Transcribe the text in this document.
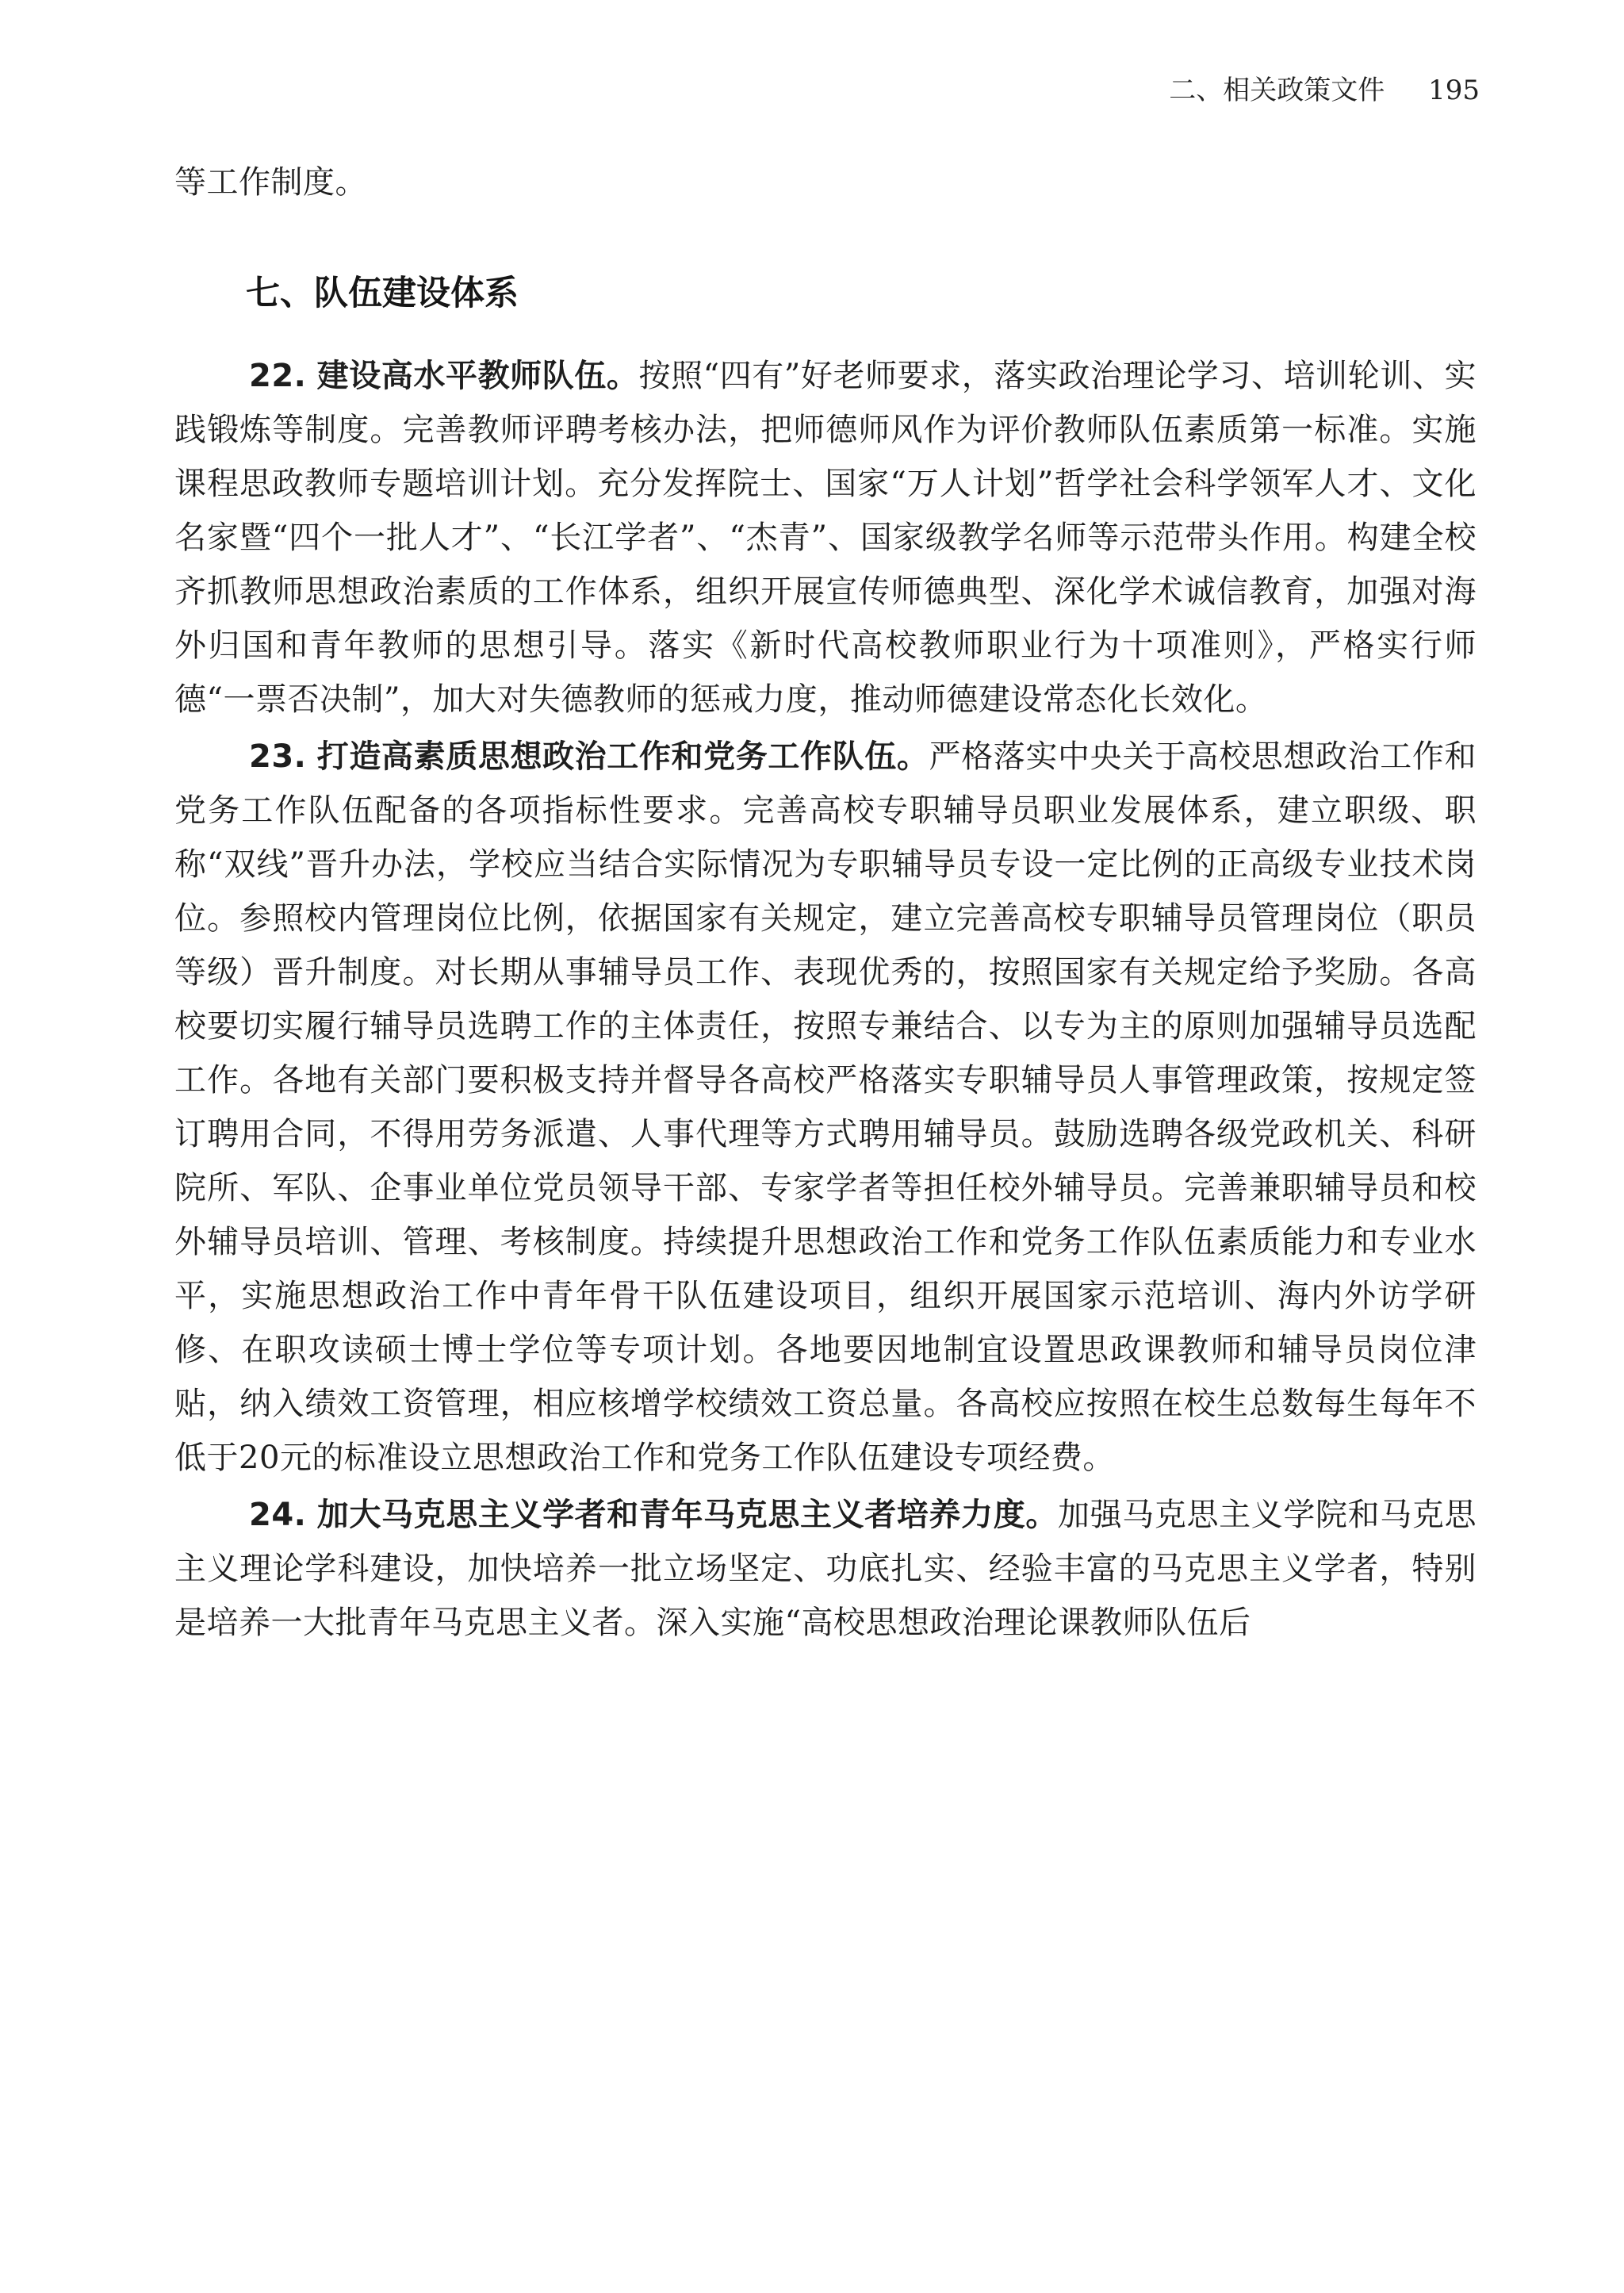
二、相关政策文件 195

等工作制度。

七、队伍建设体系

22. 建设高水平教师队伍。按照“四有”好老师要求，落实政治理论学习、培训轮训、实践锻炼等制度。完善教师评聘考核办法，把师德师风作为评价教师队伍素质第一标准。实施课程思政教师专题培训计划。充分发挥院士、国家“万人计划”哲学社会科学领军人才、文化名家暨“四个一批人才”、“长江学者”、“杰青”、国家级教学名师等示范带头作用。构建全校齐抓教师思想政治素质的工作体系，组织开展宣传师德典型、深化学术诚信教育，加强对海外归国和青年教师的思想引导。落实《新时代高校教师职业行为十项准则》，严格实行师德“一票否决制”，加大对失德教师的惩戒力度，推动师德建设常态化长效化。

23. 打造高素质思想政治工作和党务工作队伍。严格落实中央关于高校思想政治工作和党务工作队伍配备的各项指标性要求。完善高校专职辅导员职业发展体系，建立职级、职称“双线”晋升办法，学校应当结合实际情况为专职辅导员专设一定比例的正高级专业技术岗位。参照校内管理岗位比例，依据国家有关规定，建立完善高校专职辅导员管理岗位（职员等级）晋升制度。对长期从事辅导员工作、表现优秀的，按照国家有关规定给予奖励。各高校要切实履行辅导员选聘工作的主体责任，按照专兼结合、以专为主的原则加强辅导员选配工作。各地有关部门要积极支持并督导各高校严格落实专职辅导员人事管理政策，按规定签订聘用合同，不得用劳务派遣、人事代理等方式聘用辅导员。鼓励选聘各级党政机关、科研院所、军队、企事业单位党员领导干部、专家学者等担任校外辅导员。完善兼职辅导员和校外辅导员培训、管理、考核制度。持续提升思想政治工作和党务工作队伍素质能力和专业水平，实施思想政治工作中青年骨干队伍建设项目，组织开展国家示范培训、海内外访学研修、在职攻读硕士博士学位等专项计划。各地要因地制宜设置思政课教师和辅导员岗位津贴，纳入绩效工资管理，相应核增学校绩效工资总量。各高校应按照在校生总数每生每年不低于20元的标准设立思想政治工作和党务工作队伍建设专项经费。

24. 加大马克思主义学者和青年马克思主义者培养力度。加强马克思主义学院和马克思主义理论学科建设，加快培养一批立场坚定、功底扎实、经验丰富的马克思主义学者，特别是培养一大批青年马克思主义者。深入实施“高校思想政治理论课教师队伍后
